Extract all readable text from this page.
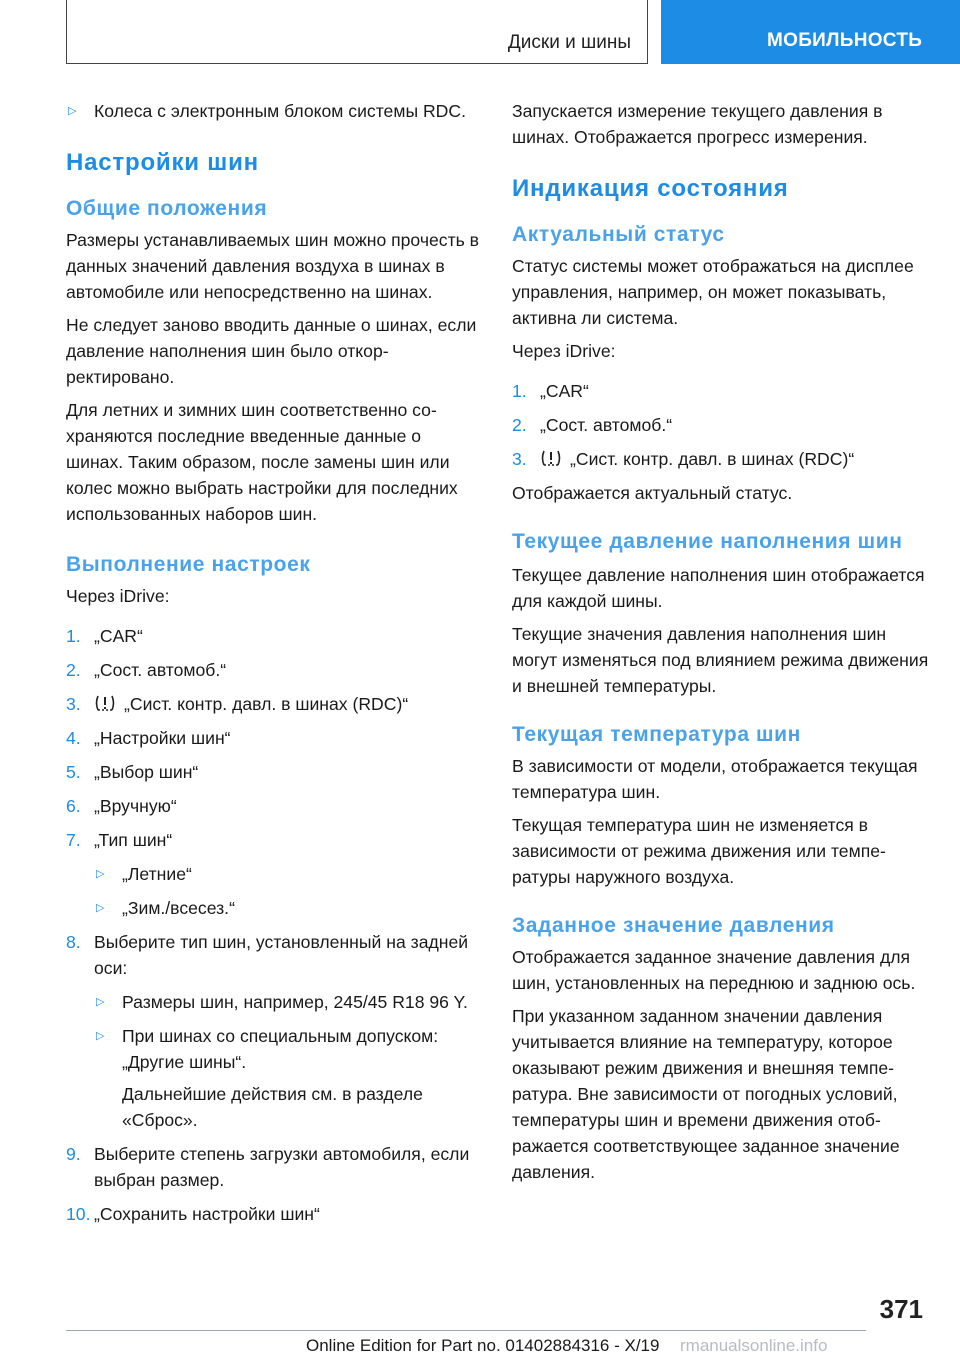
Диски и шины	МОБИЛЬНОСТЬ
▷ Колеса с электронным блоком системы RDC.
Настройки шин
Общие положения

Размеры устанавливаемых шин можно прочесть в данных значений давления воздуха в шинах в автомобиле или непосредственно на шинах.

Не следует заново вводить данные о шинах, если давление наполнения шин было откорректировано.

Для летних и зимних шин соответственно сохраняются последние введенные данные о шинах. Таким образом, после замены шин или колес можно выбрать настройки для последних использованных наборов шин.

Выполнение настроек

Через iDrive:

1. „CAR“
2. „Сост. автомоб.“
3. „Сист. контр. давл. в шинах (RDC)“
4. „Настройки шин“
5. „Выбор шин“
6. „Вручную“
7. „Тип шин“
▷ „Летние“
▷ „Зим./всесез.“
8. Выберите тип шин, установленный на задней оси:
▷ Размеры шин, например, 245/45 R18 96 Y.
▷ При шинах со специальным допуском: „Другие шины“.
Дальнейшие действия см. в разделе «Сброс».
9. Выберите степень загрузки автомобиля, если выбран размер.
10. „Сохранить настройки шин“

Запускается измерение текущего давления в шинах. Отображается прогресс измерения.

Индикация состояния
Актуальный статус

Статус системы может отображаться на дисплее управления, например, он может показывать, активна ли система.

Через iDrive:

1. „CAR“
2. „Сост. автомоб.“
3. „Сист. контр. давл. в шинах (RDC)“

Отображается актуальный статус.

Текущее давление наполнения шин

Текущее давление наполнения шин отображается для каждой шины.

Текущие значения давления наполнения шин могут изменяться под влиянием режима движения и внешней температуры.

Текущая температура шин

В зависимости от модели, отображается текущая температура шин.

Текущая температура шин не изменяется в зависимости от режима движения или температуры наружного воздуха.

Заданное значение давления

Отображается заданное значение давления для шин, установленных на переднюю и заднюю ось.

При указанном заданном значении давления учитывается влияние на температуру, которое оказывают режим движения и внешняя температура. Вне зависимости от погодных условий, температуры шин и времени движения отображается соответствующее заданное значение давления.

371
Online Edition for Part no. 01402884316 - X/19 rmanualsonline.info
